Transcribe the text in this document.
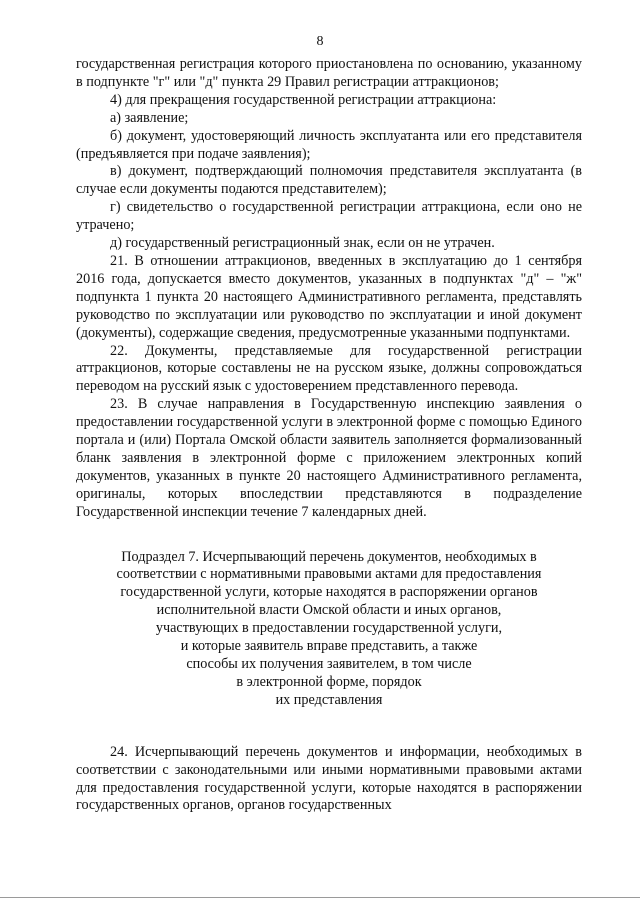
8

государственная регистрация которого приостановлена по основанию, указанному в подпункте "г" или "д" пункта 29 Правил регистрации аттракционов;

4) для прекращения государственной регистрации аттракциона:

а) заявление;

б) документ, удостоверяющий личность эксплуатанта или его представителя (предъявляется при подаче заявления);

в) документ, подтверждающий полномочия представителя эксплуатанта (в случае если документы подаются представителем);

г) свидетельство о государственной регистрации аттракциона, если оно не утрачено;

д) государственный регистрационный знак, если он не утрачен.

21. В отношении аттракционов, введенных в эксплуатацию до 1 сентября 2016 года, допускается вместо документов, указанных в подпунктах "д" – "ж" подпункта 1 пункта 20 настоящего Административного регламента, представлять руководство по эксплуатации или руководство по эксплуатации и иной документ (документы), содержащие сведения, предусмотренные указанными подпунктами.

22. Документы, представляемые для государственной регистрации аттракционов, которые составлены не на русском языке, должны сопровождаться переводом на русский язык с удостоверением представленного перевода.

23. В случае направления в Государственную инспекцию заявления о предоставлении государственной услуги в электронной форме с помощью Единого портала и (или) Портала Омской области заявитель заполняется формализованный бланк заявления в электронной форме с приложением электронных копий документов, указанных в пункте 20 настоящего Административного регламента, оригиналы, которых впоследствии представляются в подразделение Государственной инспекции течение 7 календарных дней.

Подраздел 7. Исчерпывающий перечень документов, необходимых в
соответствии с нормативными правовыми актами для предоставления
государственной услуги, которые находятся в распоряжении органов
исполнительной власти Омской области и иных органов,
участвующих в предоставлении государственной услуги,
и которые заявитель вправе представить, а также
способы их получения заявителем, в том числе
в электронной форме, порядок
их представления

24. Исчерпывающий перечень документов и информации, необходимых в соответствии с законодательными или иными нормативными правовыми актами для предоставления государственной услуги, которые находятся в распоряжении государственных органов, органов государственных
